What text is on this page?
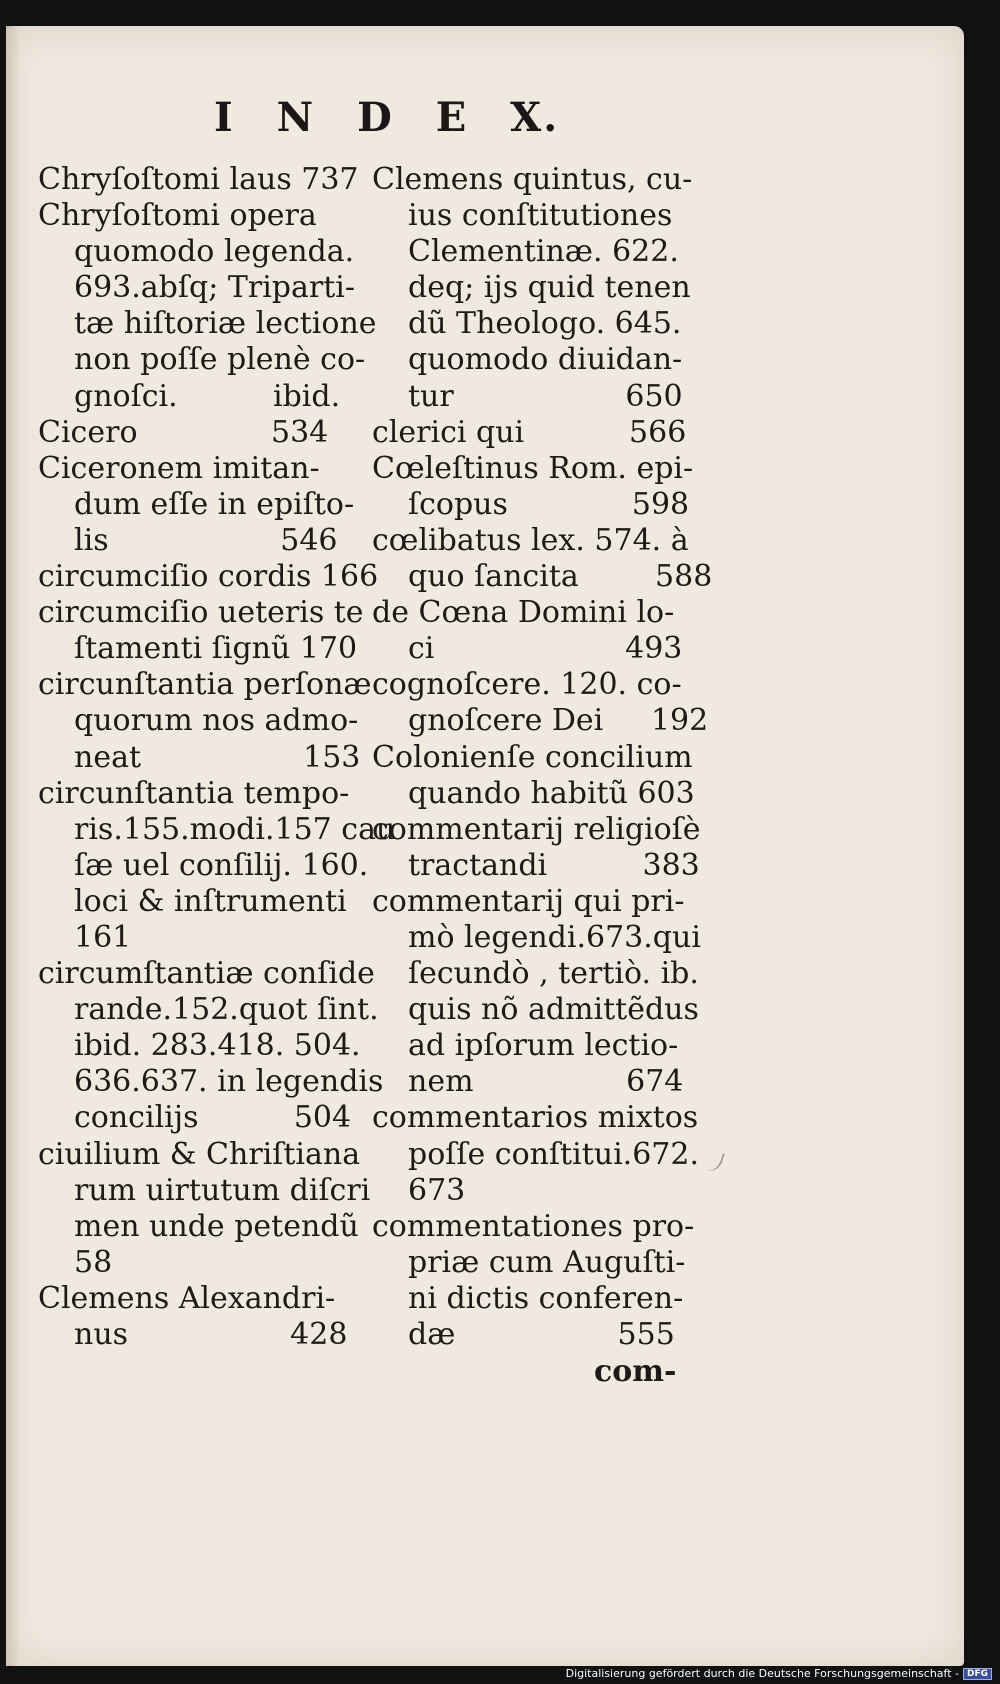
I N D E X.
Chryſoſtomi laus 737
Chryſoſtomi opera
quomodo legenda.
693.abſq; Triparti-
tæ hiſtoriæ lectione
non poſſe plenè co-
gnoſci.          ibid.
Cicero              534
Ciceronem imitan-
dum eſſe in epiſto-
lis                  546
circumciſio cordis 166
circumciſio ueteris te
ſtamenti ſignũ 170
circunſtantia perſonæ
quorum nos admo-
neat                 153
circunſtantia tempo-
ris.155.modi.157 cau
ſæ uel conſilij. 160.
loci & inſtrumenti
161
circumſtantiæ conſide
rande.152.quot ſint.
ibid. 283.418. 504.
636.637. in legendis
concilijs          504
ciuilium & Chriſtiana
rum uirtutum diſcri
men unde petendũ
58
Clemens Alexandri-
nus                 428
Clemens quintus, cu-
ius conſtitutiones
Clementinæ. 622.
deq; ijs quid tenen
dũ Theologo. 645.
quomodo diuidan-
tur                  650
clerici qui           566
Cœleſtinus Rom. epi-
ſcopus             598
cœlibatus lex. 574. à
quo ſancita        588
de Cœna Domini lo-
ci                    493
cognoſcere. 120. co-
gnoſcere Dei     192
Colonienſe concilium
quando habitũ 603
commentarij religioſè
tractandi          383
commentarij qui pri-
mò legendi.673.qui
ſecundò , tertiò. ib.
quis nõ admittẽdus
ad ipſorum lectio-
nem                674
commentarios mixtos
poſſe conſtitui.672.
673
commentationes pro-
priæ cum Auguſti-
ni dictis conferen-
dæ                 555
com-
Digitalisierung gefördert durch die Deutsche Forschungsgemeinschaft - DFG
